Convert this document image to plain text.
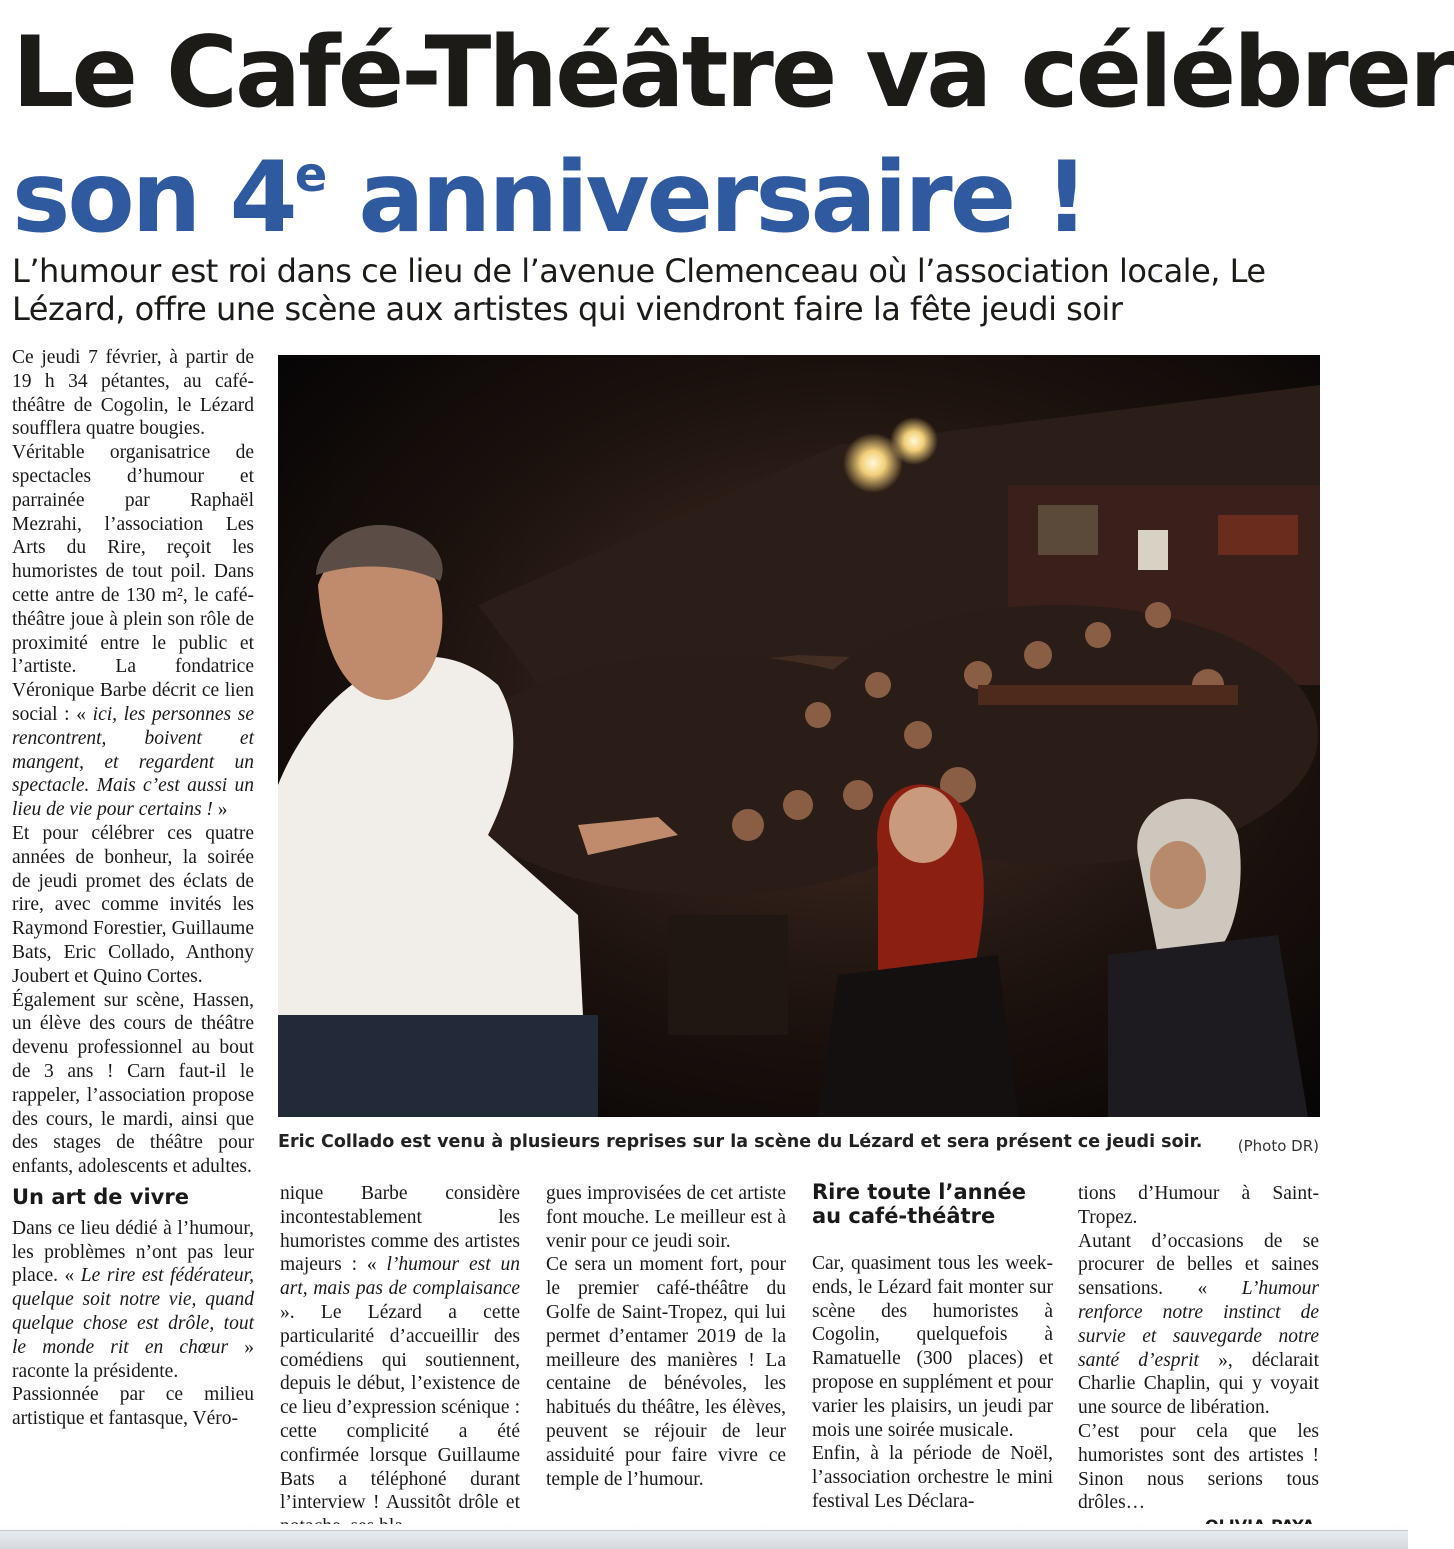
Le Café-Théâtre va célébrer
son 4e anniversaire !

L’humour est roi dans ce lieu de l’avenue Clemenceau où l’association locale, Le Lézard, offre une scène aux artistes qui viendront faire la fête jeudi soir

Ce jeudi 7 février, à partir de 19 h 34 pétantes, au café-théâtre de Cogolin, le Lézard soufflera quatre bougies.

Véritable organisatrice de spectacles d’humour et parrainée par Raphaël Mezrahi, l’association Les Arts du Rire, reçoit les humoristes de tout poil. Dans cette antre de 130 m², le café-théâtre joue à plein son rôle de proximité entre le public et l’artiste. La fondatrice Véronique Barbe décrit ce lien social : « ici, les personnes se rencontrent, boivent et mangent, et regardent un spectacle. Mais c’est aussi un lieu de vie pour certains ! »

Et pour célébrer ces quatre années de bonheur, la soirée de jeudi promet des éclats de rire, avec comme invités les Raymond Forestier, Guillaume Bats, Eric Collado, Anthony Joubert et Quino Cortes.

Également sur scène, Hassen, un élève des cours de théâtre devenu professionnel au bout de 3 ans ! Carn faut-il le rappeler, l’association propose des cours, le mardi, ainsi que des stages de théâtre pour enfants, adolescents et adultes.

Un art de vivre

Dans ce lieu dédié à l’humour, les problèmes n’ont pas leur place. « Le rire est fédérateur, quelque soit notre vie, quand quelque chose est drôle, tout le monde rit en chœur » raconte la présidente.

Passionnée par ce milieu artistique et fantasque, Véro-

Eric Collado est venu à plusieurs reprises sur la scène du Lézard et sera présent ce jeudi soir.	(Photo DR)

nique Barbe considère incontestablement les humoristes comme des artistes majeurs : « l’humour est un art, mais pas de complaisance ». Le Lézard a cette particularité d’accueillir des comédiens qui soutiennent, depuis le début, l’existence de ce lieu d’expression scénique : cette complicité a été confirmée lorsque Guillaume Bats a téléphoné durant l’interview ! Aussitôt drôle et

gues improvisées de cet artiste font mouche. Le meilleur est à venir pour ce jeudi soir.

Ce sera un moment fort, pour le premier café-théâtre du Golfe de Saint-Tropez, qui lui permet d’entamer 2019 de la meilleure des manières ! La centaine de bénévoles, les habitués du théâtre, les élèves, peuvent se réjouir de leur assiduité pour faire vivre ce temple de l’humour.

Rire toute l’année au café-théâtre

Car, quasiment tous les week-ends, le Lézard fait monter sur scène des humoristes à Cogolin, quelquefois à Ramatuelle (300 places) et propose en supplément et pour varier les plaisirs, un jeudi par mois une soirée musicale.

Enfin, à la période de Noël, l’association orchestre le mini festival Les Déclara-

tions d’Humour à Saint-Tropez.

Autant d’occasions de se procurer de belles et saines sensations. « L’humour renforce notre instinct de survie et sauvegarde notre santé d’esprit », déclarait Charlie Chaplin, qui y voyait une source de libération.

C’est pour cela que les humoristes sont des artistes ! Sinon nous serions tous drôles…
